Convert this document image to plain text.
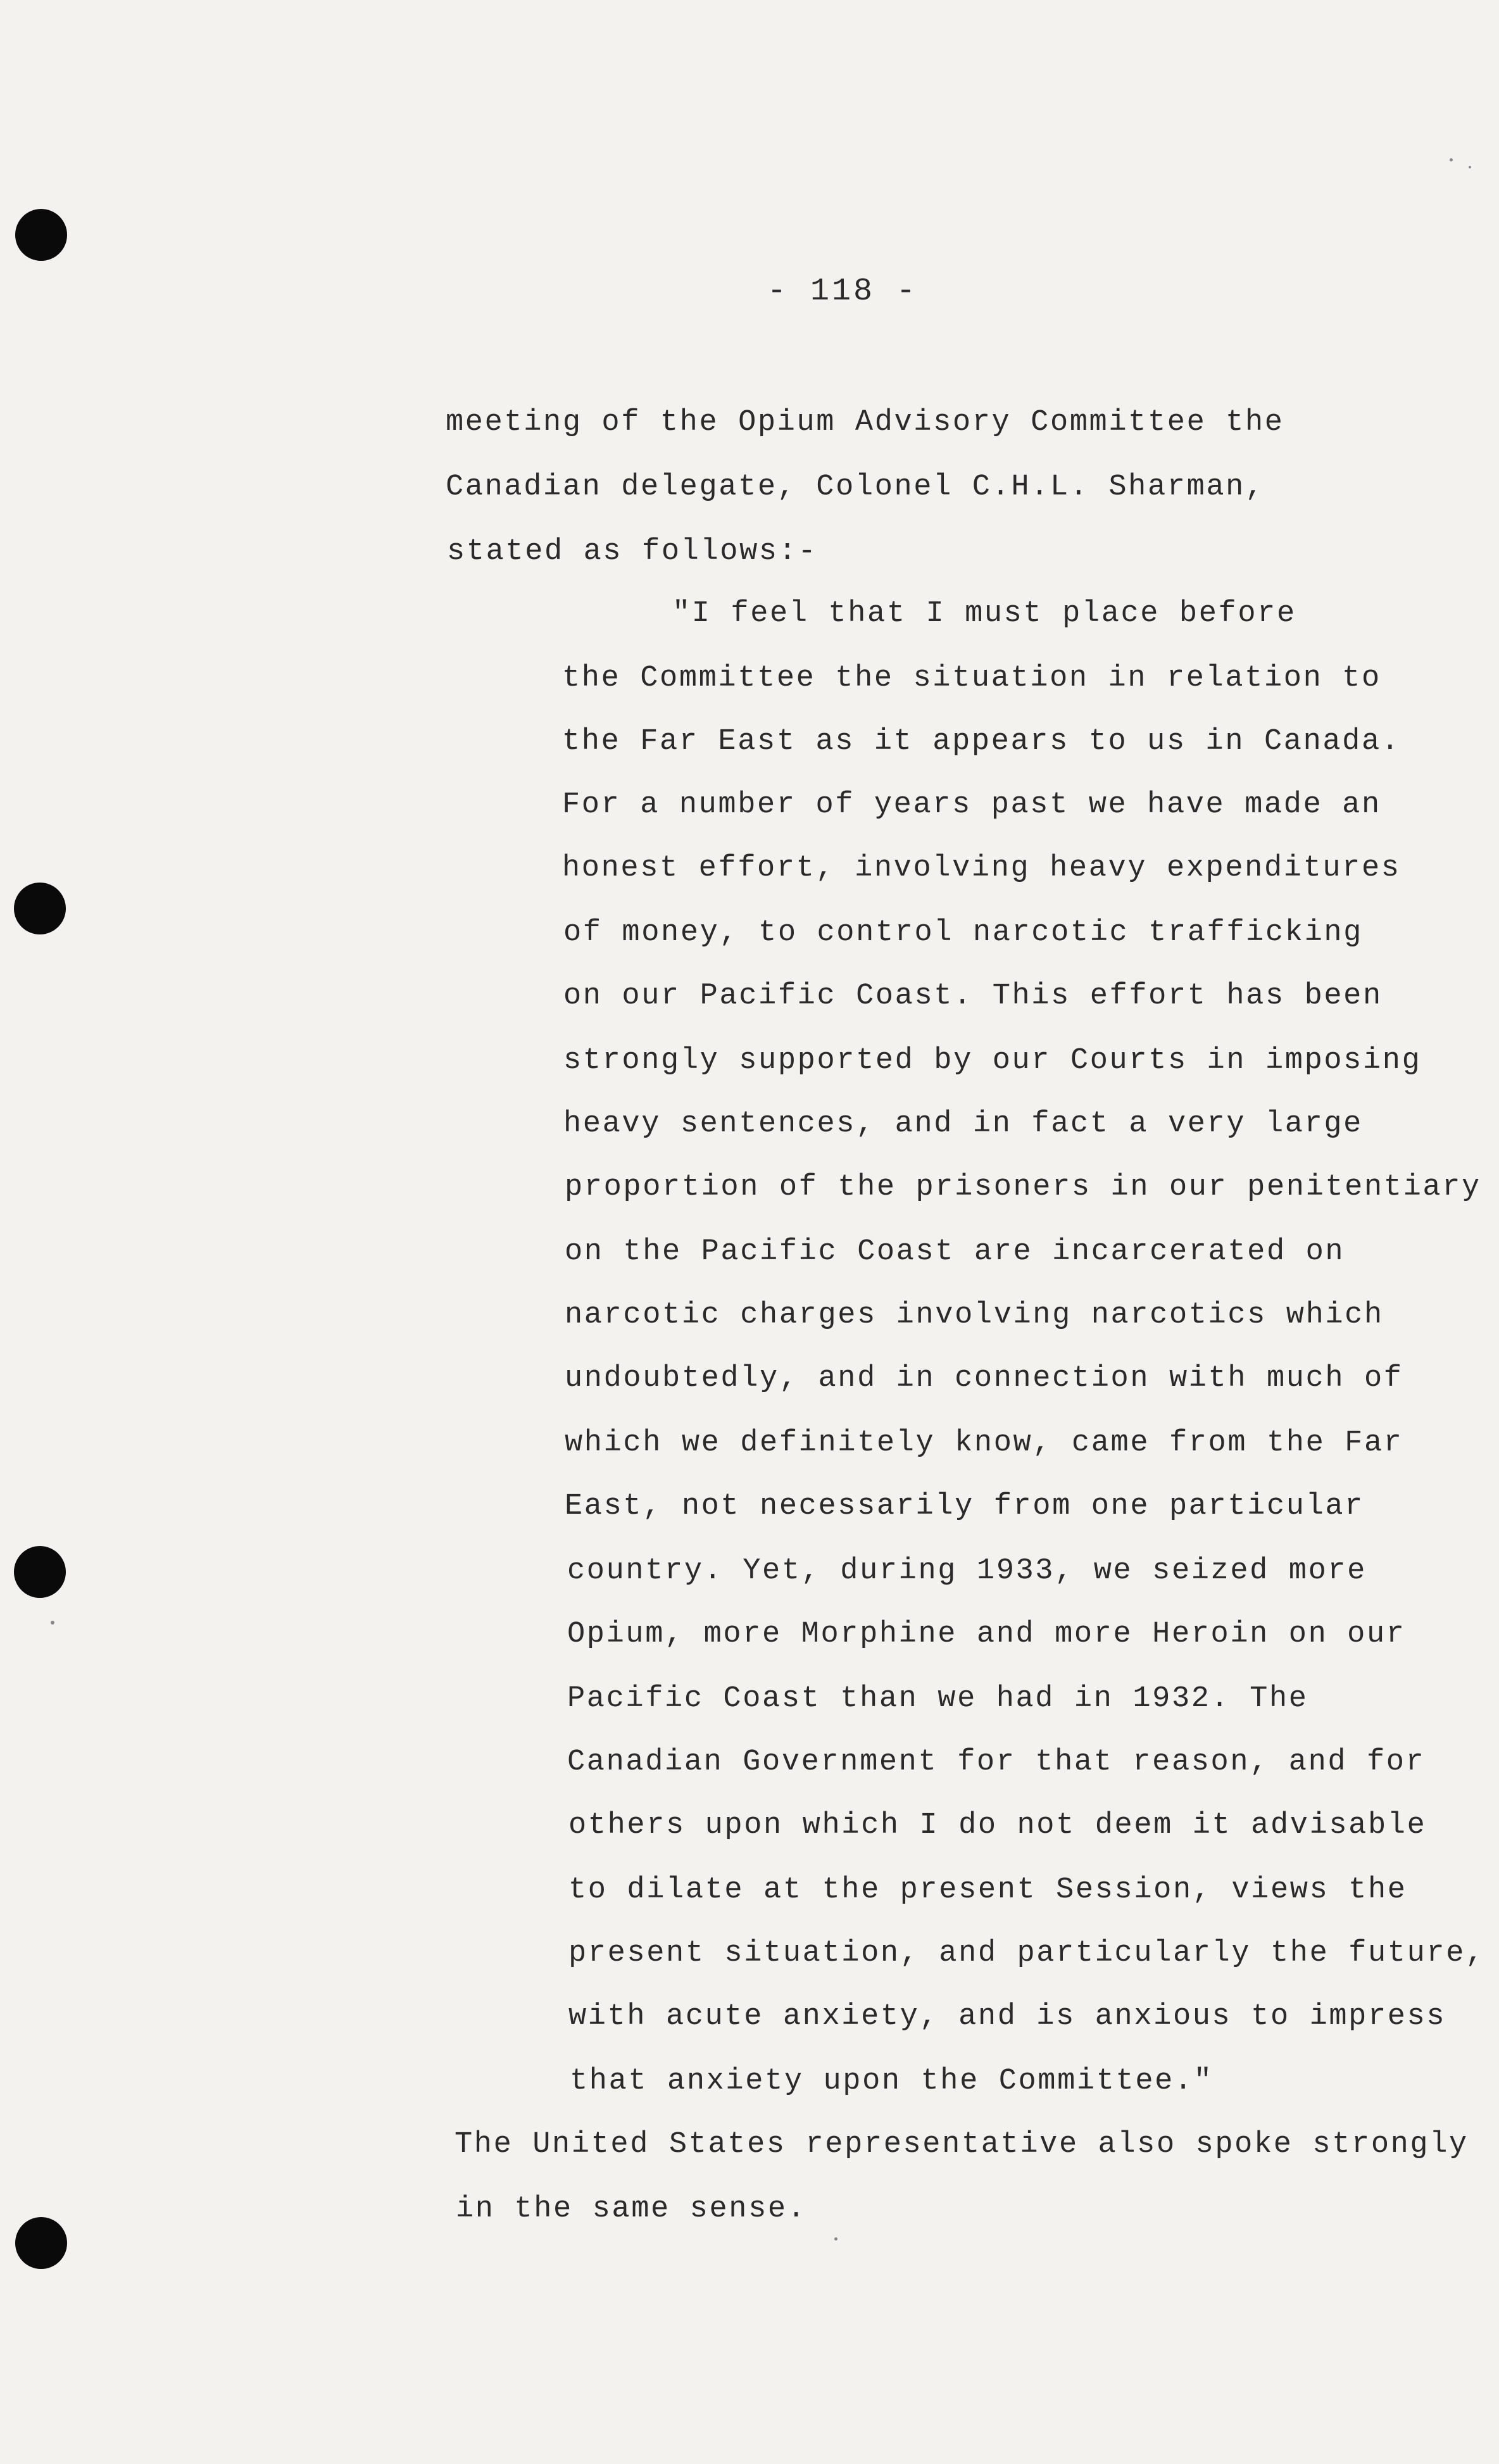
- 118 -
meeting of the Opium Advisory Committee the
Canadian delegate, Colonel C.H.L. Sharman,
stated as follows:-
"I feel that I must place before
the Committee the situation in relation to
the Far East as it appears to us in Canada.
For a number of years past we have made an
honest effort, involving heavy expenditures
of money, to control narcotic trafficking
on our Pacific Coast. This effort has been
strongly supported by our Courts in imposing
heavy sentences, and in fact a very large
proportion of the prisoners in our penitentiary
on the Pacific Coast are incarcerated on
narcotic charges involving narcotics which
undoubtedly, and in connection with much of
which we definitely know, came from the Far
East, not necessarily from one particular
country. Yet, during 1933, we seized more
Opium, more Morphine and more Heroin on our
Pacific Coast than we had in 1932. The
Canadian Government for that reason, and for
others upon which I do not deem it advisable
to dilate at the present Session, views the
present situation, and particularly the future,
with acute anxiety, and is anxious to impress
that anxiety upon the Committee."
The United States representative also spoke strongly
in the same sense.
